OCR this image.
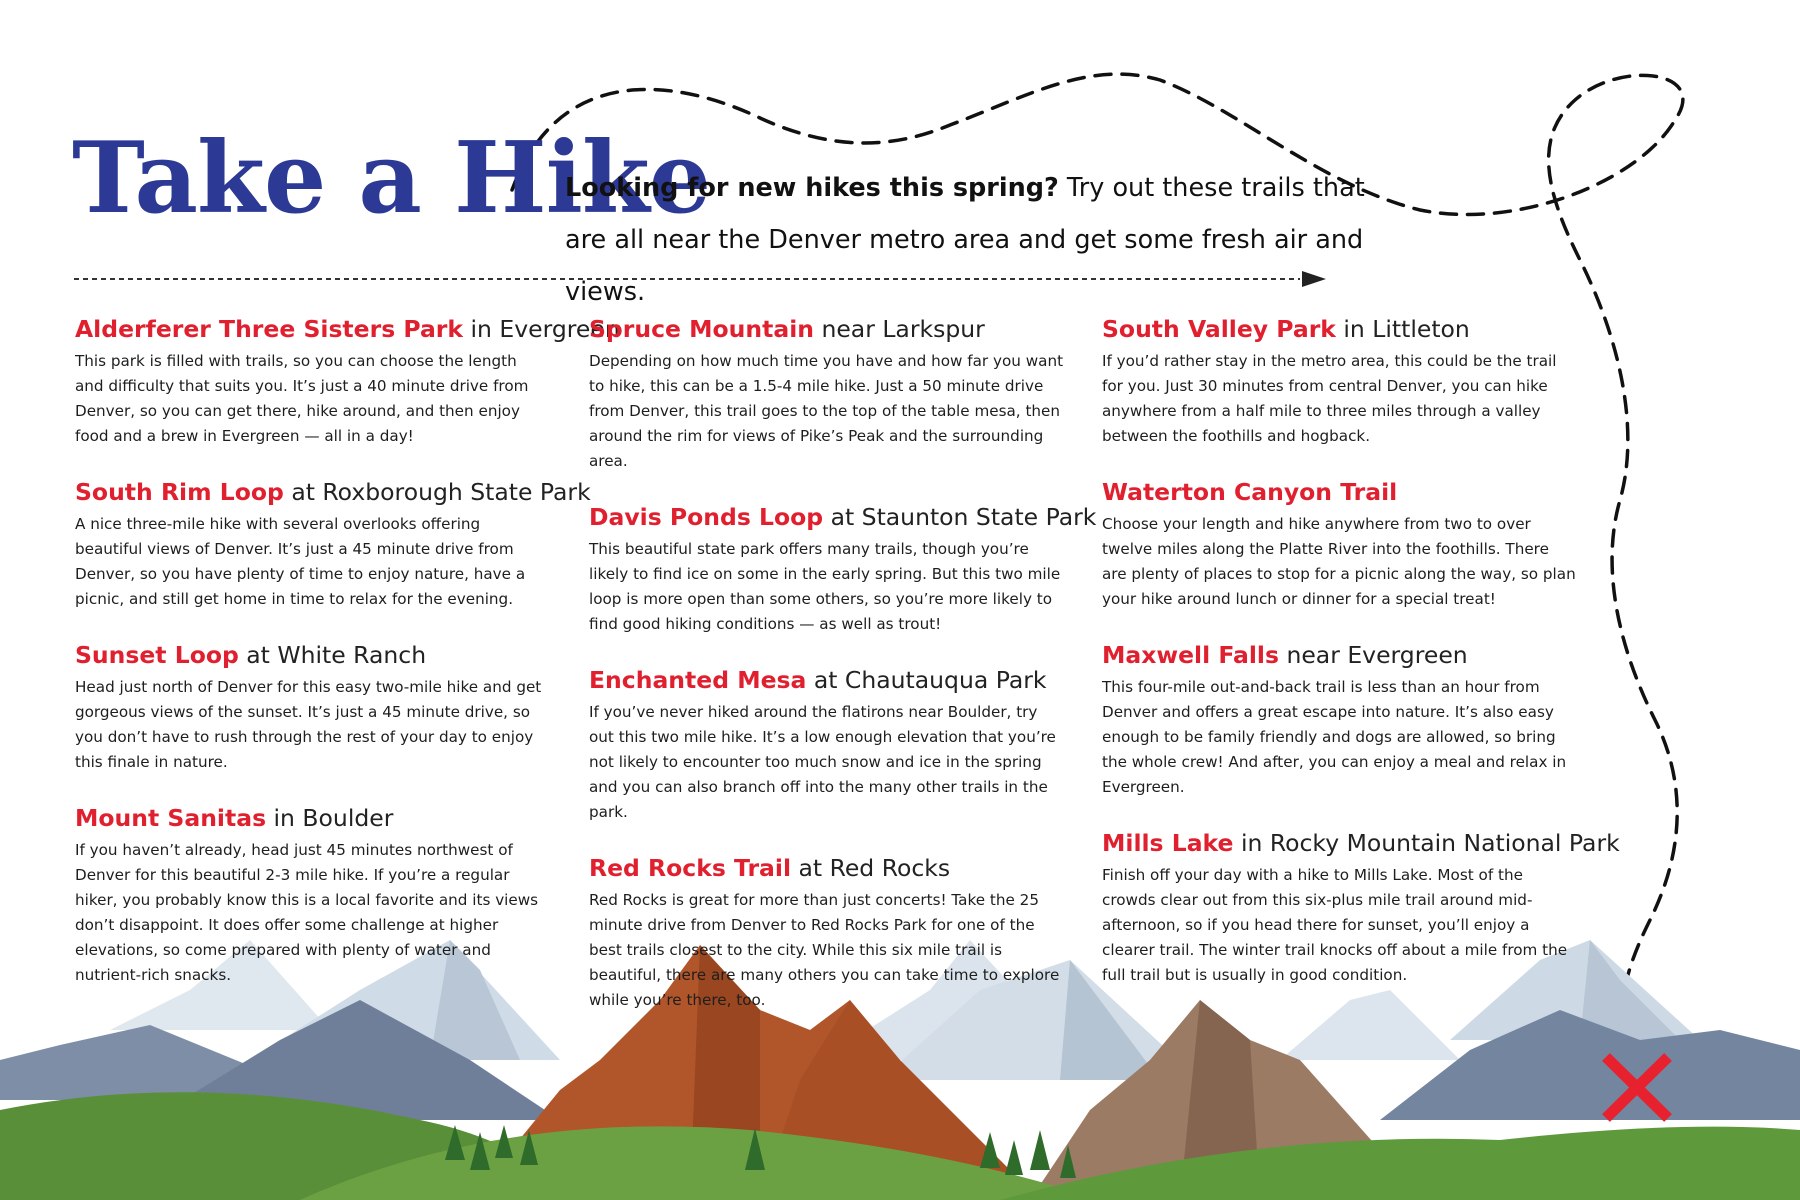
Take a Hike
Looking for new hikes this spring? Try out these trails that are all near the Denver metro area and get some fresh air and views.
Alderferer Three Sisters Park in Evergreen

This park is filled with trails, so you can choose the length and difficulty that suits you. It’s just a 40 minute drive from Denver, so you can get there, hike around, and then enjoy food and a brew in Evergreen — all in a day!

South Rim Loop at Roxborough State Park

A nice three-mile hike with several overlooks offering beautiful views of Denver. It’s just a 45 minute drive from Denver, so you have plenty of time to enjoy nature, have a picnic, and still get home in time to relax for the evening.

Sunset Loop at White Ranch

Head just north of Denver for this easy two-mile hike and get gorgeous views of the sunset. It’s just a 45 minute drive, so you don’t have to rush through the rest of your day to enjoy this finale in nature.

Mount Sanitas in Boulder

If you haven’t already, head just 45 minutes northwest of Denver for this beautiful 2-3 mile hike. If you’re a regular hiker, you probably know this is a local favorite and its views don’t disappoint. It does offer some challenge at higher elevations, so come prepared with plenty of water and nutrient-rich snacks.

Spruce Mountain near Larkspur

Depending on how much time you have and how far you want to hike, this can be a 1.5-4 mile hike. Just a 50 minute drive from Denver, this trail goes to the top of the table mesa, then around the rim for views of Pike’s Peak and the surrounding area.

Davis Ponds Loop at Staunton State Park

This beautiful state park offers many trails, though you’re likely to find ice on some in the early spring. But this two mile loop is more open than some others, so you’re more likely to find good hiking conditions — as well as trout!

Enchanted Mesa at Chautauqua Park

If you’ve never hiked around the flatirons near Boulder, try out this two mile hike. It’s a low enough elevation that you’re not likely to encounter too much snow and ice in the spring and you can also branch off into the many other trails in the park.

Red Rocks Trail at Red Rocks

Red Rocks is great for more than just concerts! Take the 25 minute drive from Denver to Red Rocks Park for one of the best trails closest to the city. While this six mile trail is beautiful, there are many others you can take time to explore while you’re there, too.

South Valley Park in Littleton

If you’d rather stay in the metro area, this could be the trail for you. Just 30 minutes from central Denver, you can hike anywhere from a half mile to three miles through a valley between the foothills and hogback.

Waterton Canyon Trail

Choose your length and hike anywhere from two to over twelve miles along the Platte River into the foothills. There are plenty of places to stop for a picnic along the way, so plan your hike around lunch or dinner for a special treat!

Maxwell Falls near Evergreen

This four-mile out-and-back trail is less than an hour from Denver and offers a great escape into nature. It’s also easy enough to be family friendly and dogs are allowed, so bring the whole crew! And after, you can enjoy a meal and relax in Evergreen.

Mills Lake in Rocky Mountain National Park

Finish off your day with a hike to Mills Lake. Most of the crowds clear out from this six-plus mile trail around mid-afternoon, so if you head there for sunset, you’ll enjoy a clearer trail. The winter trail knocks off about a mile from the full trail but is usually in good condition.
